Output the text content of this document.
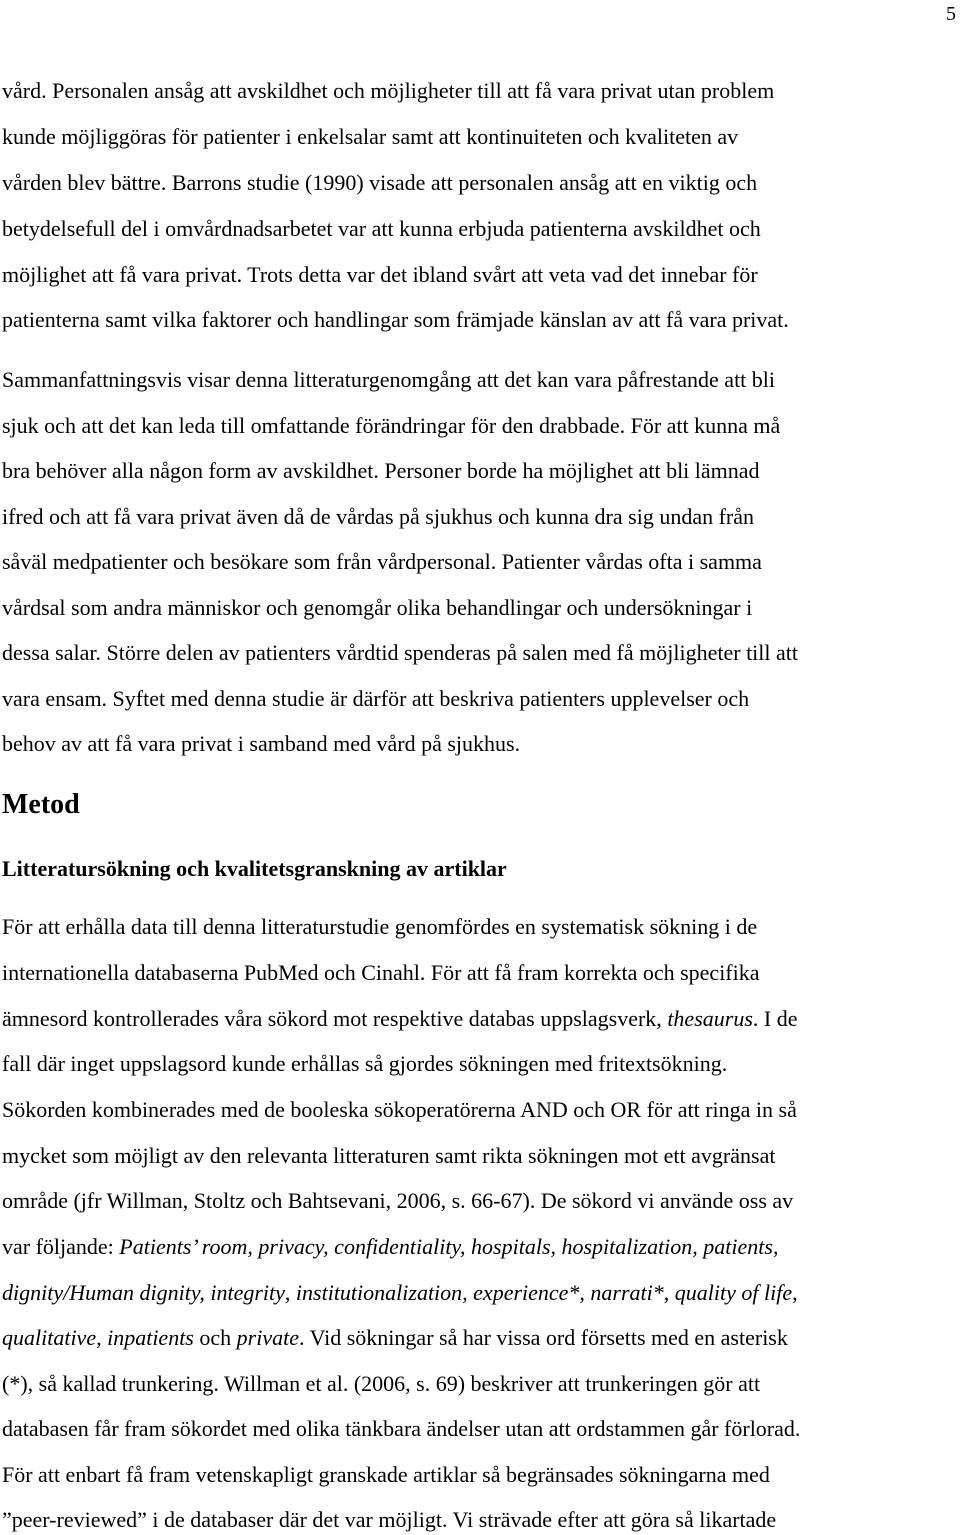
5
vård. Personalen ansåg att avskildhet och möjligheter till att få vara privat utan problem
kunde möjliggöras för patienter i enkelsalar samt att kontinuiteten och kvaliteten av
vården blev bättre. Barrons studie (1990) visade att personalen ansåg att en viktig och
betydelsefull del i omvårdnadsarbetet var att kunna erbjuda patienterna avskildhet och
möjlighet att få vara privat. Trots detta var det ibland svårt att veta vad det innebar för
patienterna samt vilka faktorer och handlingar som främjade känslan av att få vara privat.
Sammanfattningsvis visar denna litteraturgenomgång att det kan vara påfrestande att bli
sjuk och att det kan leda till omfattande förändringar för den drabbade. För att kunna må
bra behöver alla någon form av avskildhet. Personer borde ha möjlighet att bli lämnad
ifred och att få vara privat även då de vårdas på sjukhus och kunna dra sig undan från
såväl medpatienter och besökare som från vårdpersonal. Patienter vårdas ofta i samma
vårdsal som andra människor och genomgår olika behandlingar och undersökningar i
dessa salar. Större delen av patienters vårdtid spenderas på salen med få möjligheter till att
vara ensam. Syftet med denna studie är därför att beskriva patienters upplevelser och
behov av att få vara privat i samband med vård på sjukhus.
Metod
Litteratursökning och kvalitetsgranskning av artiklar
För att erhålla data till denna litteraturstudie genomfördes en systematisk sökning i de
internationella databaserna PubMed och Cinahl. För att få fram korrekta och specifika
ämnesord kontrollerades våra sökord mot respektive databas uppslagsverk, thesaurus. I de
fall där inget uppslagsord kunde erhållas så gjordes sökningen med fritextsökning.
Sökorden kombinerades med de booleska sökoperatörerna AND och OR för att ringa in så
mycket som möjligt av den relevanta litteraturen samt rikta sökningen mot ett avgränsat
område (jfr Willman, Stoltz och Bahtsevani, 2006, s. 66-67). De sökord vi använde oss av
var följande: Patients’ room, privacy, confidentiality, hospitals, hospitalization, patients,
dignity/Human dignity, integrity, institutionalization, experience*, narrati*, quality of life,
qualitative, inpatients och private. Vid sökningar så har vissa ord försetts med en asterisk
(*), så kallad trunkering. Willman et al. (2006, s. 69) beskriver att trunkeringen gör att
databasen får fram sökordet med olika tänkbara ändelser utan att ordstammen går förlorad.
För att enbart få fram vetenskapligt granskade artiklar så begränsades sökningarna med
”peer-reviewed” i de databaser där det var möjligt. Vi strävade efter att göra så likartade
